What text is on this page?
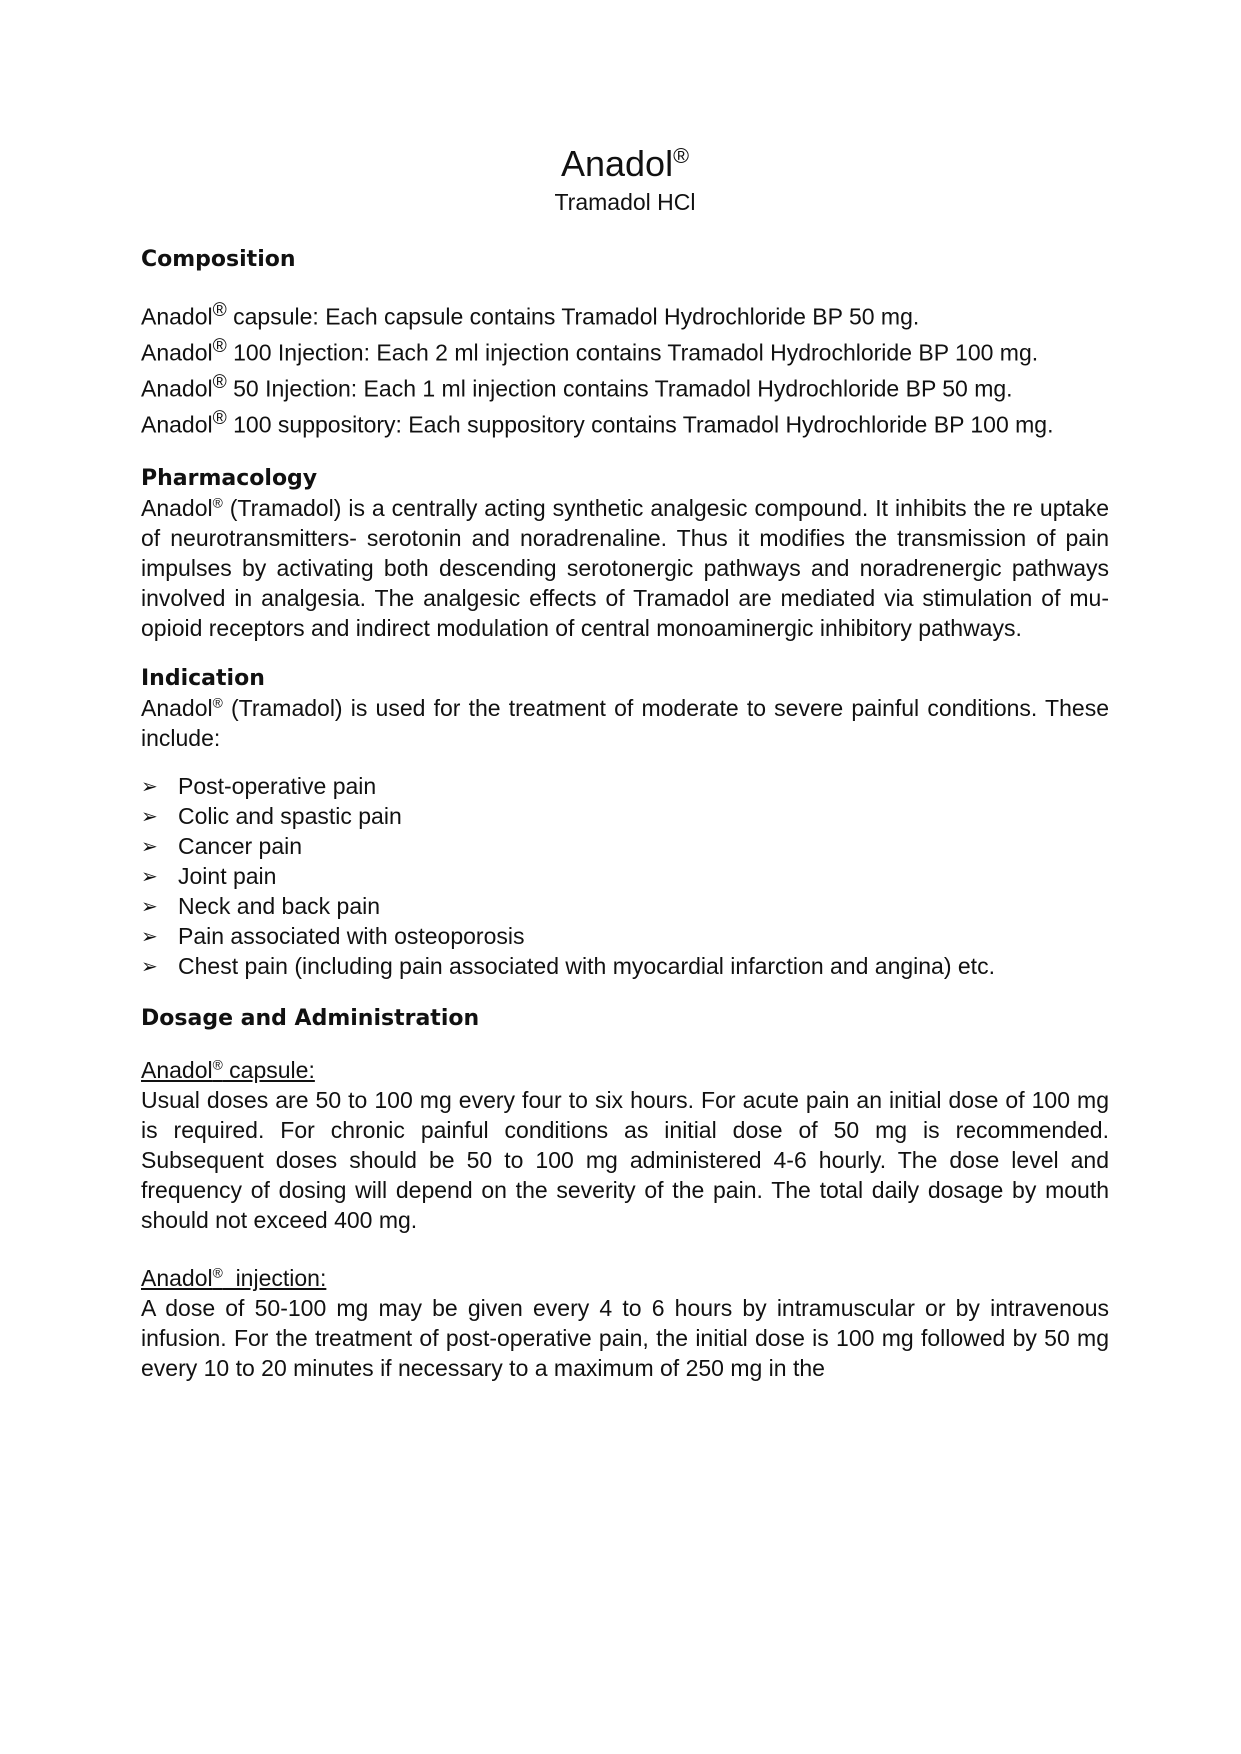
Anadol®
Tramadol HCl
Composition
Anadol® capsule: Each capsule contains Tramadol Hydrochloride BP 50 mg.
Anadol® 100 Injection: Each 2 ml injection contains Tramadol Hydrochloride BP 100 mg.
Anadol® 50 Injection: Each 1 ml injection contains Tramadol Hydrochloride BP 50 mg.
Anadol® 100 suppository: Each suppository contains Tramadol Hydrochloride BP 100 mg.
Pharmacology

Anadol® (Tramadol) is a centrally acting synthetic analgesic compound. It inhibits the re uptake of neurotransmitters- serotonin and noradrenaline. Thus it modifies the transmission of pain impulses by activating both descending serotonergic pathways and noradrenergic pathways involved in analgesia. The analgesic effects of Tramadol are mediated via stimulation of mu-opioid receptors and indirect modulation of central monoaminergic inhibitory pathways.

Indication

Anadol® (Tramadol) is used for the treatment of moderate to severe painful conditions. These include:

➢ Post-operative pain
➢ Colic and spastic pain
➢ Cancer pain
➢ Joint pain
➢ Neck and back pain
➢ Pain associated with osteoporosis
➢ Chest pain (including pain associated with myocardial infarction and angina) etc.
Dosage and Administration
Anadol® capsule:

Usual doses are 50 to 100 mg every four to six hours. For acute pain an initial dose of 100 mg is required. For chronic painful conditions as initial dose of 50 mg is recommended. Subsequent doses should be 50 to 100 mg administered 4-6 hourly. The dose level and frequency of dosing will depend on the severity of the pain. The total daily dosage by mouth should not exceed 400 mg.

Anadol®  injection:

A dose of 50-100 mg may be given every 4 to 6 hours by intramuscular or by intravenous infusion. For the treatment of post-operative pain, the initial dose is 100 mg followed by 50 mg every 10 to 20 minutes if necessary to a maximum of 250 mg in the
